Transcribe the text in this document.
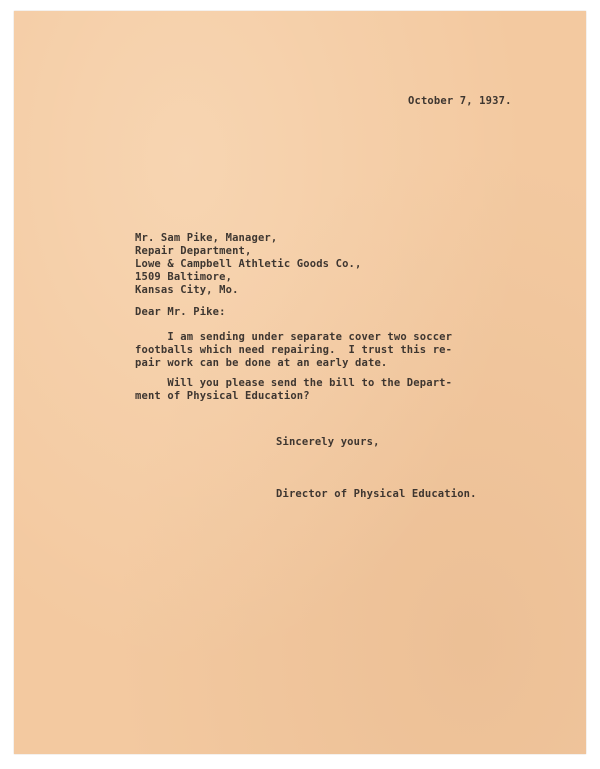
October 7, 1937.

Mr. Sam Pike, Manager,

Repair Department,

Lowe & Campbell Athletic Goods Co.,

1509 Baltimore,

Kansas City, Mo.

Dear Mr. Pike:

I am sending under separate cover two soccer

footballs which need repairing.  I trust this re-

pair work can be done at an early date.

Will you please send the bill to the Depart-

ment of Physical Education?

Sincerely yours,

Director of Physical Education.
